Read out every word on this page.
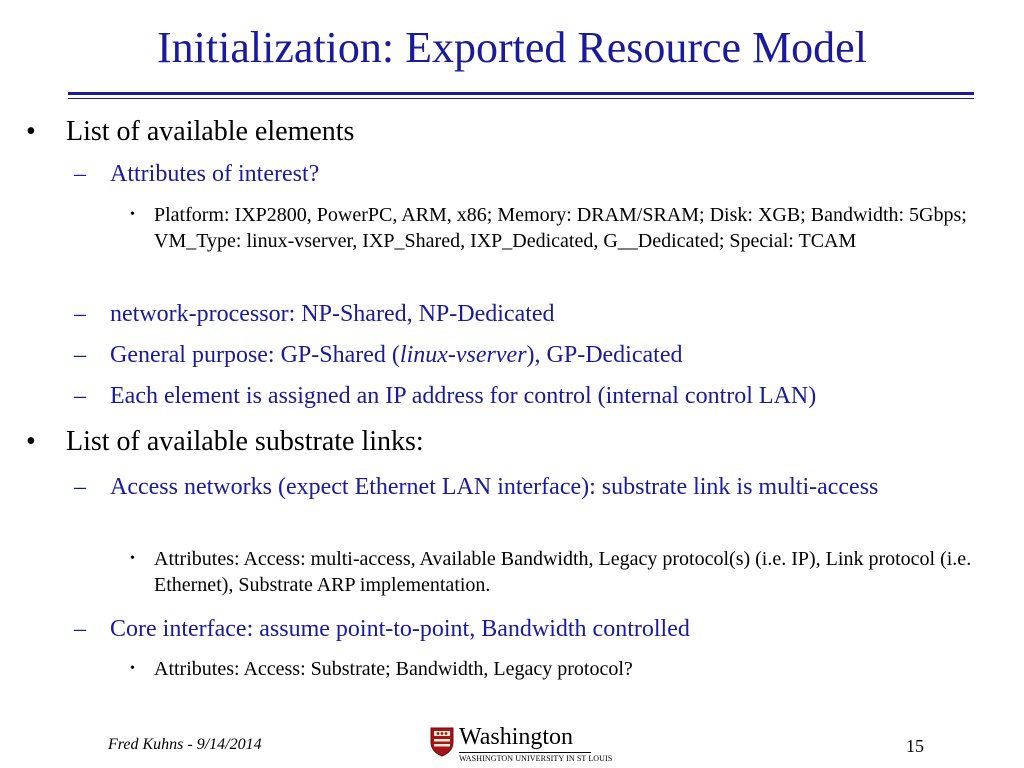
Initialization: Exported Resource Model
• List of available elements
– Attributes of interest?
• Platform: IXP2800, PowerPC, ARM, x86; Memory: DRAM/SRAM; Disk: XGB; Bandwidth: 5Gbps; VM_Type: linux-vserver, IXP_Shared, IXP_Dedicated, G__Dedicated; Special: TCAM
– network-processor: NP-Shared, NP-Dedicated
– General purpose: GP-Shared (linux-vserver), GP-Dedicated
– Each element is assigned an IP address for control (internal control LAN)
• List of available substrate links:
– Access networks (expect Ethernet LAN interface): substrate link is multi-access
• Attributes: Access: multi-access, Available Bandwidth, Legacy protocol(s) (i.e. IP), Link protocol (i.e. Ethernet), Substrate ARP implementation.
– Core interface: assume point-to-point, Bandwidth controlled
• Attributes: Access: Substrate; Bandwidth, Legacy protocol?
Fred Kuhns - 9/14/2014	Washington
WASHINGTON UNIVERSITY IN ST LOUIS
15
